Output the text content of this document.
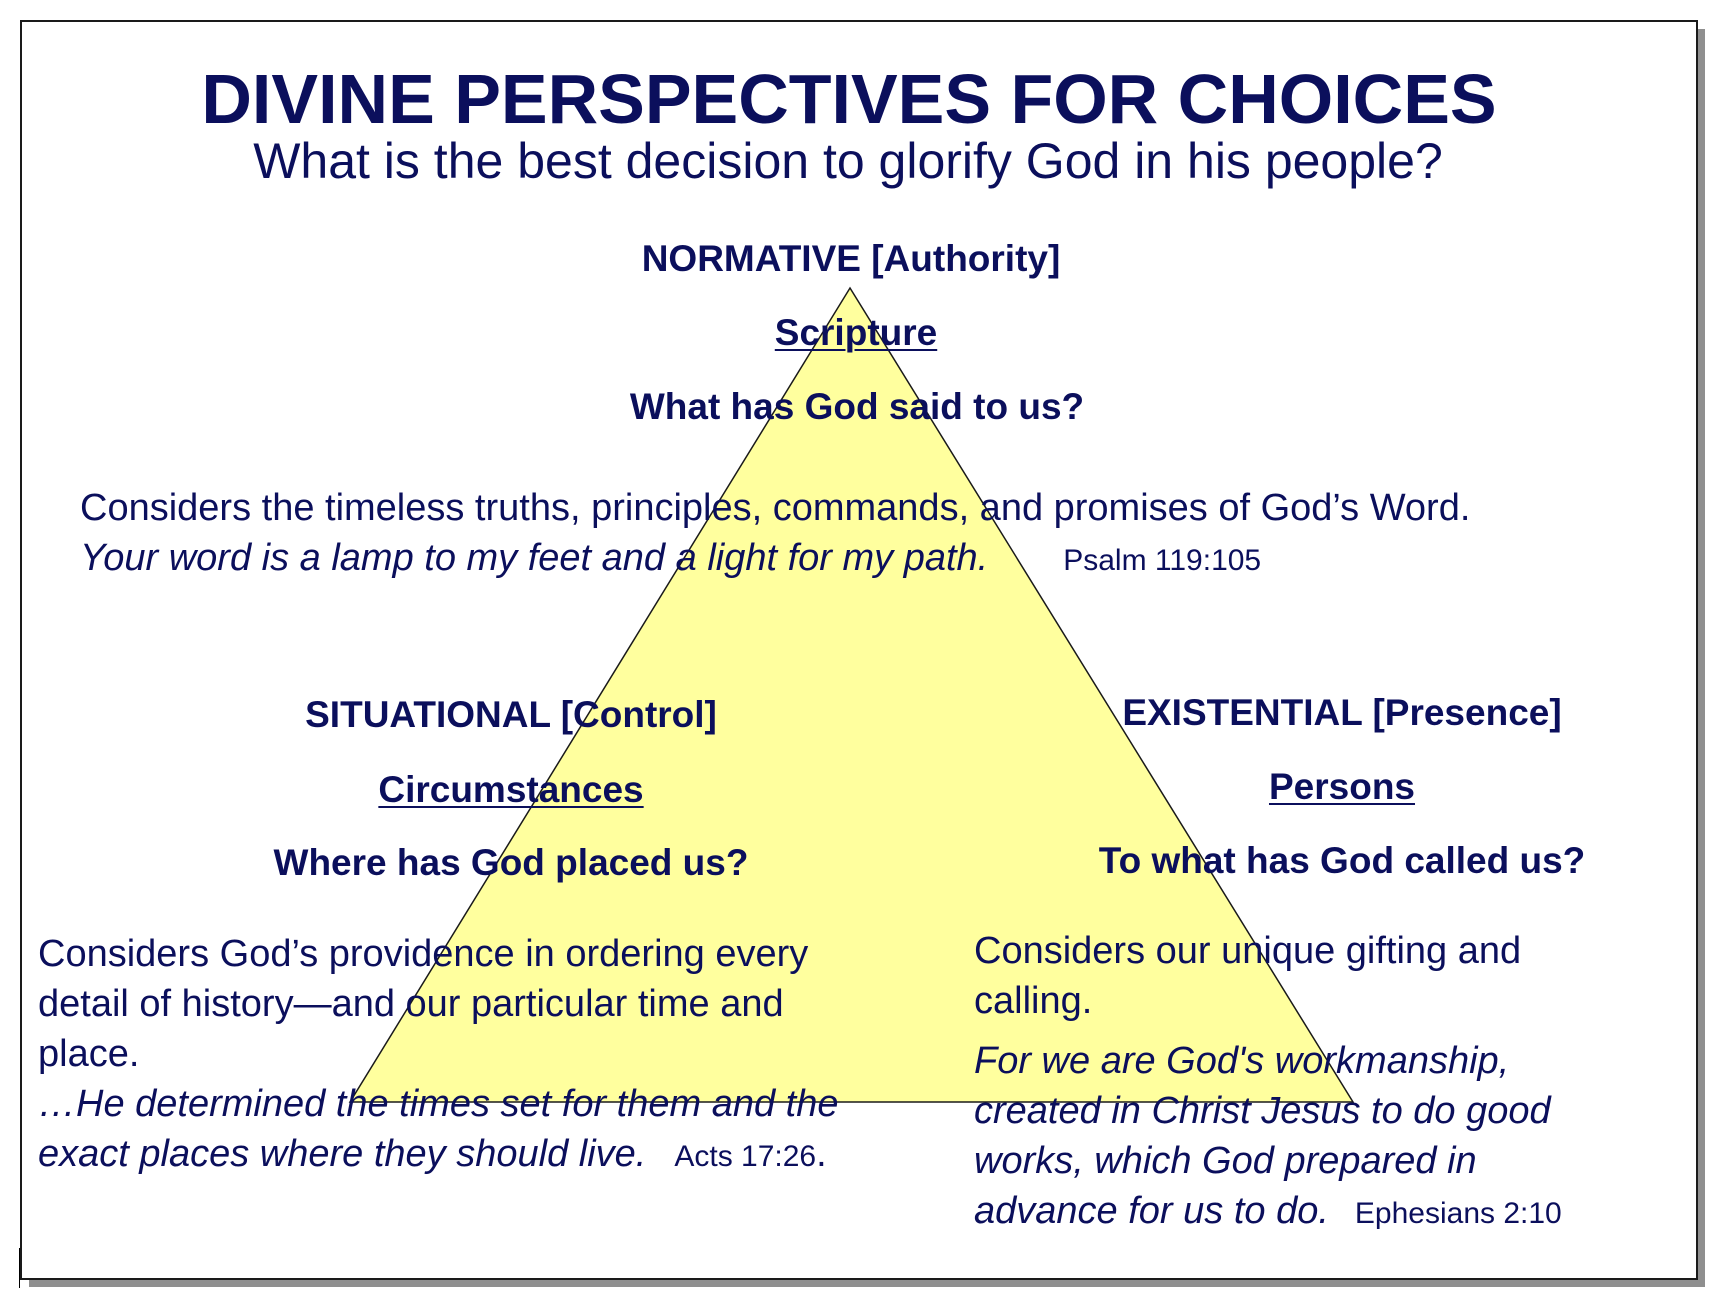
DIVINE PERSPECTIVES FOR CHOICES
What is the best decision to glorify God in his people?
NORMATIVE [Authority]
Scripture
What has God said to us?
Considers the timeless truths, principles, commands, and promises of God’s Word.
Your word is a lamp to my feet and a light for my path.	Psalm 119:105
SITUATIONAL [Control]
Circumstances
Where has God placed us?
Considers God’s providence in ordering every
detail of history—and our particular time and
place.
…He determined the times set for them and the
exact places where they should live. Acts 17:26.
EXISTENTIAL [Presence]
Persons
To what has God called us?
Considers our unique gifting and
calling.
For we are God's workmanship,
created in Christ Jesus to do good
works, which God prepared in
advance for us to do. Ephesians 2:10
